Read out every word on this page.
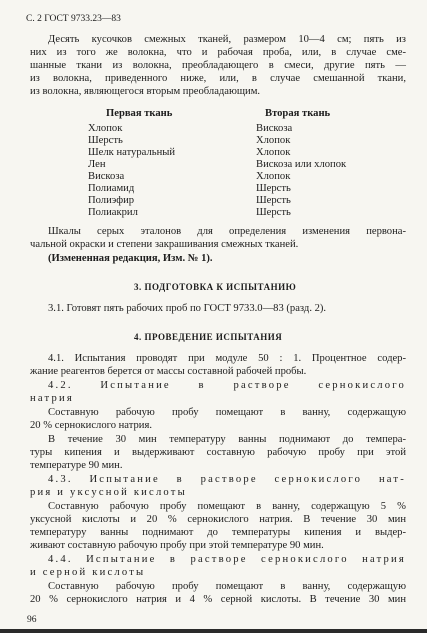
С. 2 ГОСТ 9733.23—83
Десять кусочков смежных тканей, размером 10—4 см; пять из
них из того же волокна, что и рабочая проба, или, в случае сме-
шанные ткани из волокна, преобладающего в смеси, другие пять —
из волокна, приведенного ниже, или, в случае смешанной ткани,
из волокна, являющегося вторым преобладающим.
Первая ткань	Вторая ткань
Хлопок	Вискоза
Шерсть	Хлопок
Шелк натуральный	Хлопок
Лен	Вискоза или хлопок
Вискоза	Хлопок
Полиамид	Шерсть
Полиэфир	Шерсть
Полиакрил	Шерсть
Шкалы серых эталонов для определения изменения первона-
чальной окраски и степени закрашивания смежных тканей.
(Измененная редакция, Изм. № 1).
3. ПОДГОТОВКА К ИСПЫТАНИЮ
3.1. Готовят пять рабочих проб по ГОСТ 9733.0—83 (разд. 2).
4. ПРОВЕДЕНИЕ ИСПЫТАНИЯ
4.1. Испытания проводят при модуле 50 : 1. Процентное содер-
жание реагентов берется от массы составной рабочей пробы.
4.2. Испытание в растворе сернокислого
натрия
Составную рабочую пробу помещают в ванну, содержащую
20 % сернокислого натрия.
В течение 30 мин температуру ванны поднимают до темпера-
туры кипения и выдерживают составную рабочую пробу при этой
температуре 90 мин.
4.3. Испытание в растворе сернокислого нат-
рия и уксусной кислоты
Составную рабочую пробу помещают в ванну, содержащую 5 %
уксусной кислоты и 20 % сернокислого натрия. В течение 30 мин
температуру ванны поднимают до температуры кипения и выдер-
живают составную рабочую пробу при этой температуре 90 мин.
4.4. Испытание в растворе сернокислого натрия
и серной кислоты
Составную рабочую пробу помещают в ванну, содержащую
20 % сернокислого натрия и 4 % серной кислоты. В течение 30 мин
96
